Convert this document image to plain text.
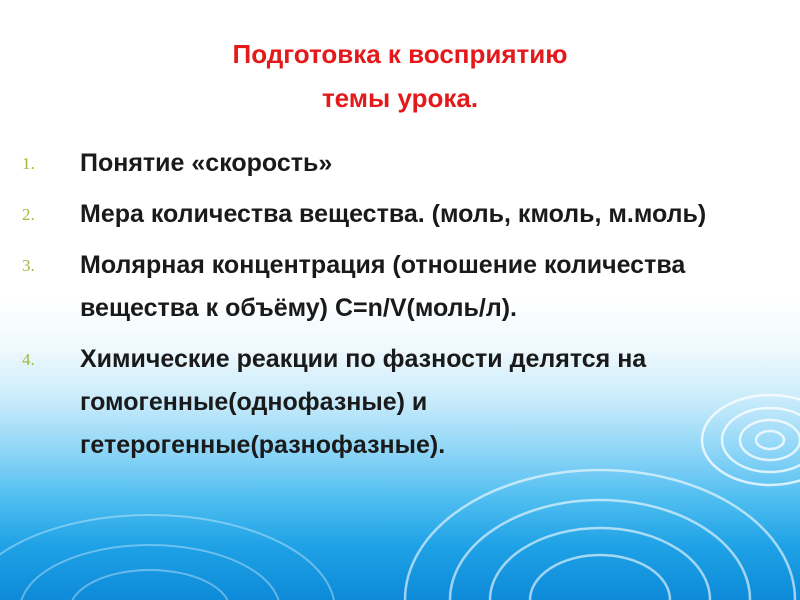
Подготовка к восприятию
темы урока.
1. Понятие «скорость»
2. Мера количества вещества. (моль, кмоль, м.моль)
3. Молярная концентрация (отношение количества вещества к объёму) C=n/V(моль/л).
4. Химические реакции по фазности делятся на гомогенные(однофазные) и гетерогенные(разнофазные).
